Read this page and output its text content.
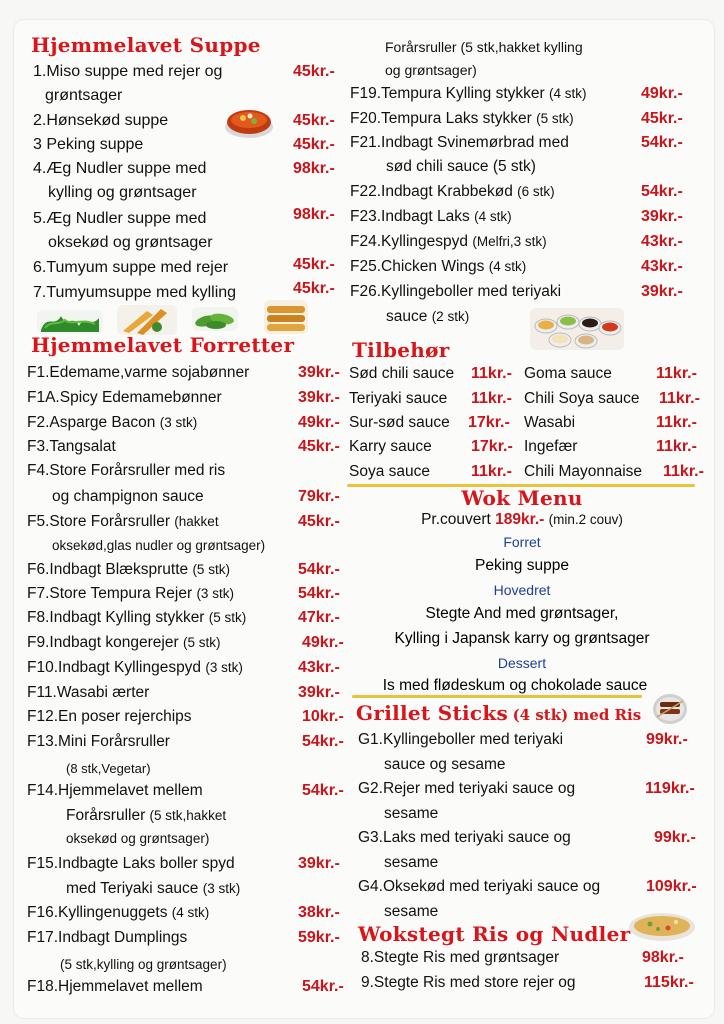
Hjemmelavet Suppe
1.Miso suppe med rejer og
grøntsager
45kr.-
2.Hønsekød suppe	45kr.-
3 Peking suppe	45kr.-
4.Æg Nudler suppe med
kylling og grøntsager
98kr.-
5.Æg Nudler suppe med
oksekød og grøntsager
98kr.-
6.Tumyum suppe med rejer	45kr.-
7.Tumyumsuppe med kylling	45kr.-
Hjemmelavet Forretter
F1.Edemame,varme sojabønner	39kr.-
F1A.Spicy Edemamebønner	39kr.-
F2.Asparge Bacon (3 stk)	49kr.-
F3.Tangsalat	45kr.-
F4.Store Forårsruller med ris
og champignon sauce	79kr.-
F5.Store Forårsruller (hakket
oksekød,glas nudler og grøntsager)
45kr.-
F6.Indbagt Blæksprutte (5 stk)	54kr.-
F7.Store Tempura Rejer (3 stk)	54kr.-
F8.Indbagt Kylling stykker (5 stk)	47kr.-
F9.Indbagt kongerejer (5 stk)	49kr.-
F10.Indbagt Kyllingespyd (3 stk)	43kr.-
F11.Wasabi ærter	39kr.-
F12.En poser rejerchips	10kr.-
F13.Mini Forårsruller
(8 stk,Vegetar)
54kr.-
F14.Hjemmelavet mellem
Forårsruller (5 stk,hakket
oksekød og grøntsager)
54kr.-
F15.Indbagte Laks boller spyd
med Teriyaki sauce (3 stk)
39kr.-
F16.Kyllingenuggets (4 stk)	38kr.-
F17.Indbagt Dumplings
(5 stk,kylling og grøntsager)
59kr.-
F18.Hjemmelavet mellem	54kr.-
Forårsruller (5 stk,hakket kylling
og grøntsager)
F19.Tempura Kylling stykker (4 stk)	49kr.-
F20.Tempura Laks stykker (5 stk)	45kr.-
F21.Indbagt Svinemørbrad med
sød chili sauce (5 stk)
54kr.-
F22.Indbagt Krabbekød (6 stk)	54kr.-
F23.Indbagt Laks (4 stk)	39kr.-
F24.Kyllingespyd (Melfri,3 stk)	43kr.-
F25.Chicken Wings (4 stk)	43kr.-
F26.Kyllingeboller med teriyaki
sauce (2 stk)
39kr.-
Tilbehør
Sød chili sauce 11kr.- Goma sauce	11kr.-
Teriyaki sauce 11kr.- Chili Soya sauce 11kr.-
Sur-sød sauce 17kr.- Wasabi	11kr.-
Karry sauce 17kr.- Ingefær	11kr.-
Soya sauce	11kr.- Chili Mayonnaise 11kr.-
Wok Menu
Pr.couvert 189kr.- (min.2 couv)
Forret
Peking suppe
Hovedret
Stegte And med grøntsager,
Kylling i Japansk karry og grøntsager
Dessert
Is med flødeskum og chokolade sauce
Grillet Sticks (4 stk) med Ris
G1.Kyllingeboller med teriyaki
sauce og sesame
99kr.-
G2.Rejer med teriyaki sauce og
sesame
119kr.-
G3.Laks med teriyaki sauce og
sesame
99kr.-
G4.Oksekød med teriyaki sauce og
sesame
109kr.-
Wokstegt Ris og Nudler
8.Stegte Ris med grøntsager	98kr.-
9.Stegte Ris med store rejer og	115kr.-
